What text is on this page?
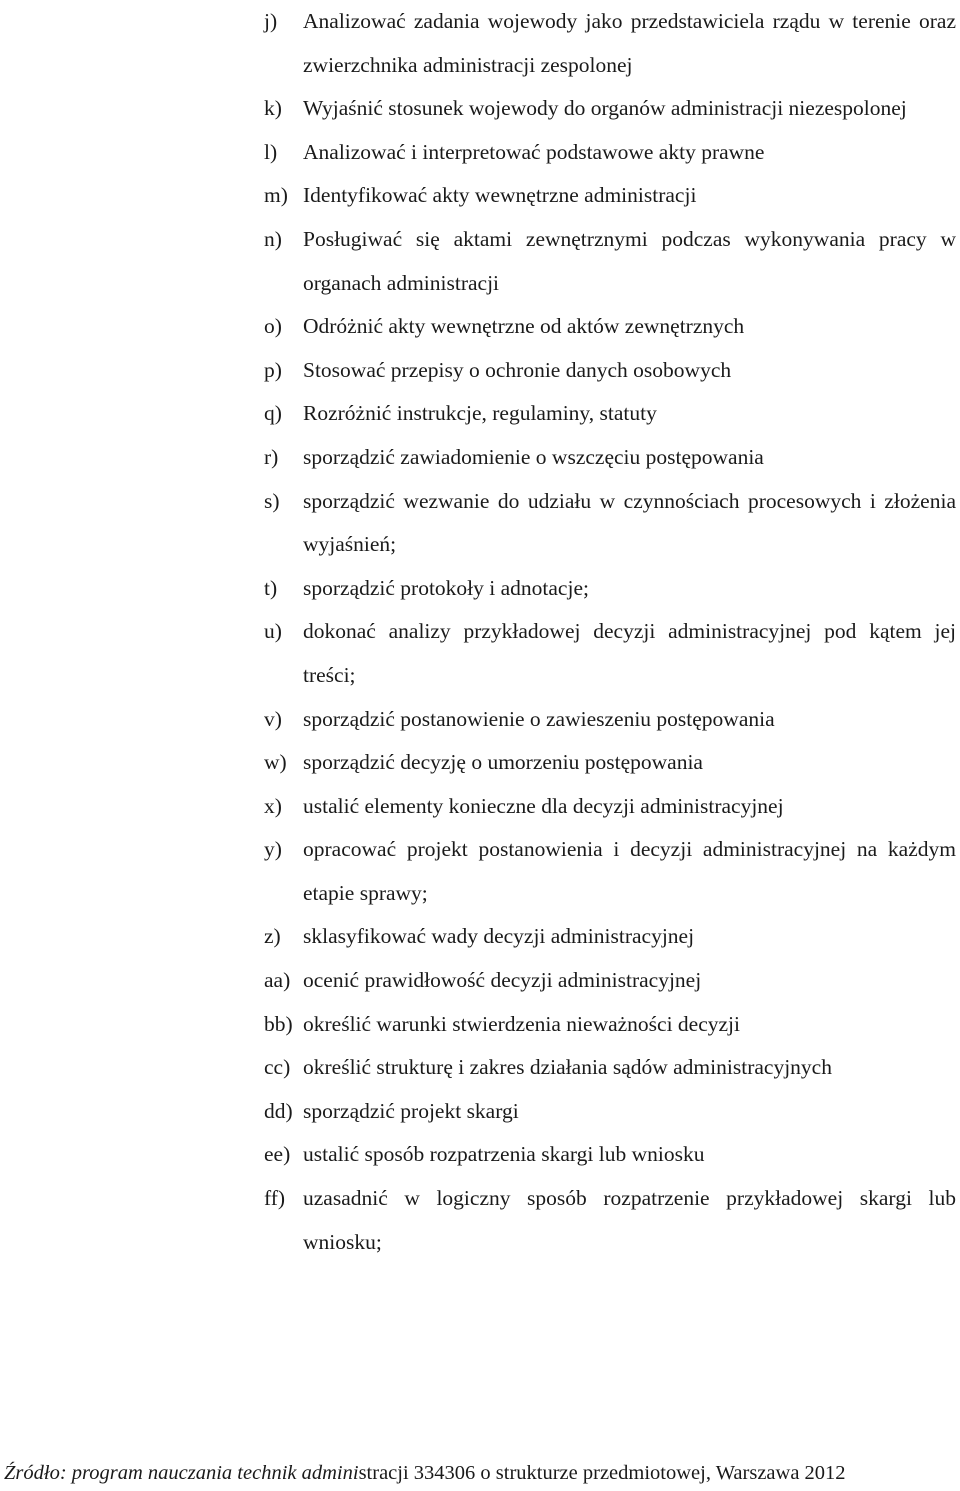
j) Analizować zadania wojewody jako przedstawiciela rządu w terenie oraz zwierzchnika administracji zespolonej
k) Wyjaśnić stosunek wojewody do organów administracji niezespolonej
l) Analizować i interpretować podstawowe akty prawne
m) Identyfikować akty wewnętrzne administracji
n) Posługiwać się aktami zewnętrznymi podczas wykonywania pracy w organach administracji
o) Odróżnić akty wewnętrzne od aktów zewnętrznych
p) Stosować przepisy o ochronie danych osobowych
q) Rozróżnić instrukcje, regulaminy, statuty
r) sporządzić zawiadomienie o wszczęciu postępowania
s) sporządzić wezwanie do udziału w czynnościach procesowych i złożenia wyjaśnień;
t) sporządzić protokoły i adnotacje;
u) dokonać analizy przykładowej decyzji administracyjnej pod kątem jej treści;
v) sporządzić postanowienie o zawieszeniu postępowania
w) sporządzić decyzję o umorzeniu postępowania
x) ustalić elementy konieczne dla decyzji administracyjnej
y) opracować projekt postanowienia i decyzji administracyjnej na każdym etapie sprawy;
z) sklasyfikować wady decyzji administracyjnej
aa) ocenić prawidłowość decyzji administracyjnej
bb) określić warunki stwierdzenia nieważności decyzji
cc) określić strukturę i zakres działania sądów administracyjnych
dd) sporządzić projekt skargi
ee) ustalić sposób rozpatrzenia skargi lub wniosku
ff) uzasadnić w logiczny sposób rozpatrzenie przykładowej skargi lub wniosku;
Źródło: program nauczania technik administracji 334306 o strukturze przedmiotowej, Warszawa 2012
